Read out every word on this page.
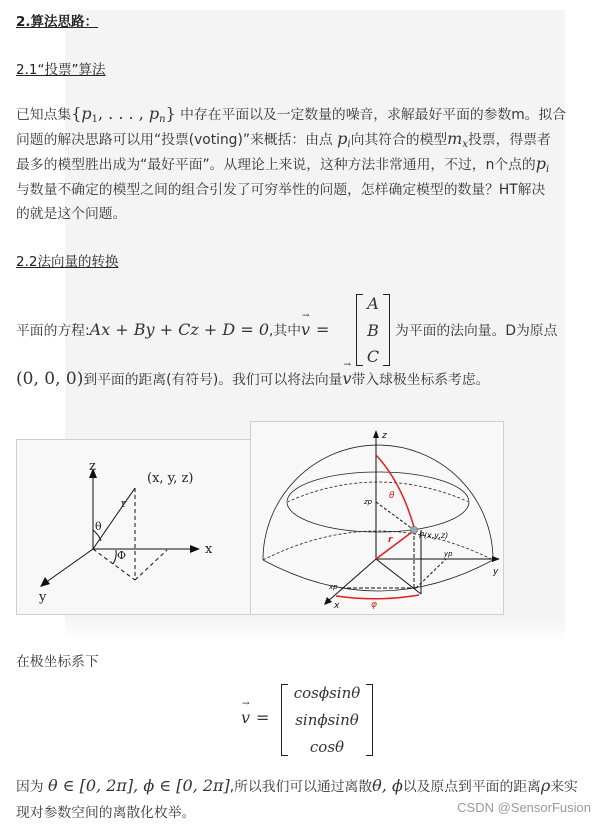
2.算法思路：
2.1“投票”算法
已知点集{$p_1$, . . . , $p_n$} 中存在平面以及一定数量的噪音，求解最好平面的参数m。拟合
问题的解决思路可以用“投票(voting)”来概括：由点 $p_i$向其符合的模型$m_x$投票，得票者
最多的模型胜出成为“最好平面”。从理论上来说，这种方法非常通用，不过，n个点的$p_i$
与数量不确定的模型之间的组合引发了可穷举性的问题，怎样确定模型的数量？HT解决
的就是这个问题。
2.2法向量的转换
平面的方程:Ax + By + Cz + D = 0,其中→ v =
A
B
C
为平面的法向量。D为原点
(0, 0, 0)到平面的距离(有符号)。我们可以将法向量→ v带入球极坐标系考虑。
z
x
y
r
θ
Φ
(x, y, z)
z
y
x
zp
xp
yp
P(x,y,z)
r
θ
φ
在极坐标系下
→ v =
cosϕsinθ
sinϕsinθ
cosθ
因为 θ ∈ [0, 2π], ϕ ∈ [0, 2π],所以我们可以通过离散θ, ϕ以及原点到平面的距离ρ来实
现对参数空间的离散化枚举。	CSDN @SensorFusion
